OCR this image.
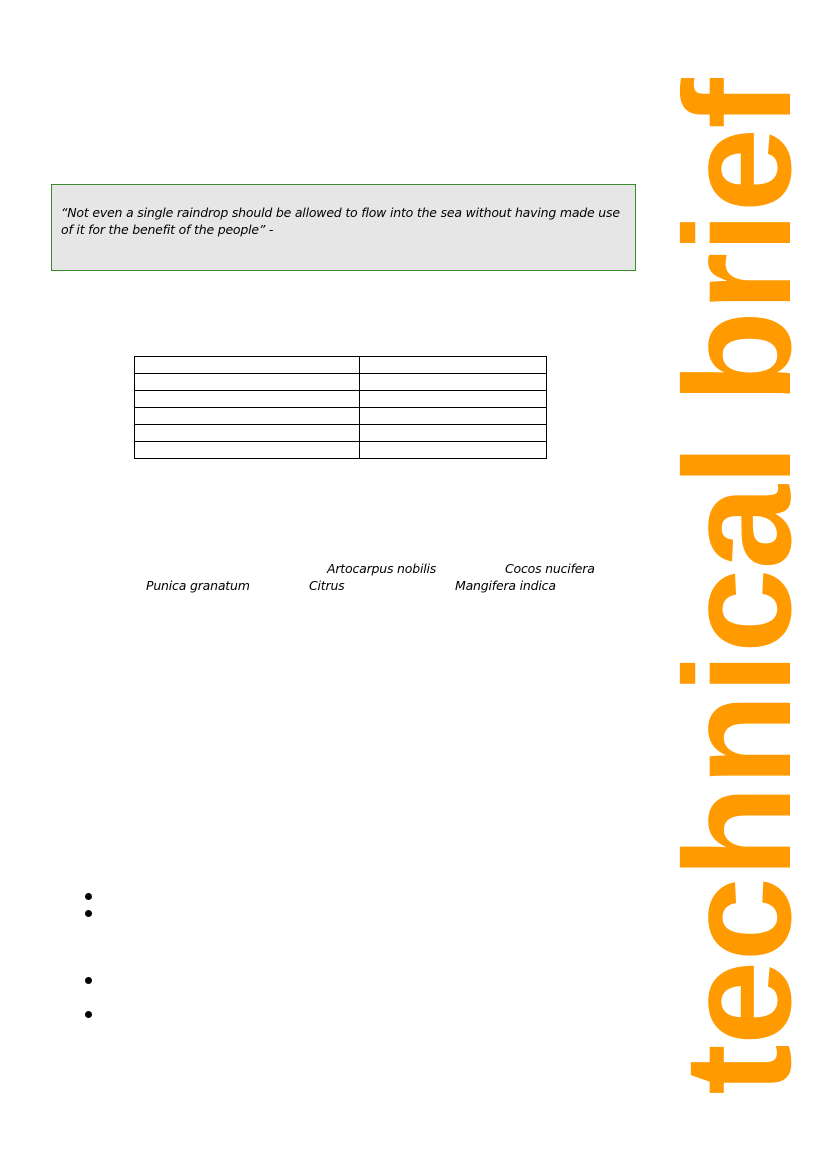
“Not even a single raindrop should be allowed to flow into the sea without having made use of it for the benefit of the people” -

Artocarpus nobilis	Cocos nucifera
Punica granatum	Citrus	Mangifera indica technical brief
